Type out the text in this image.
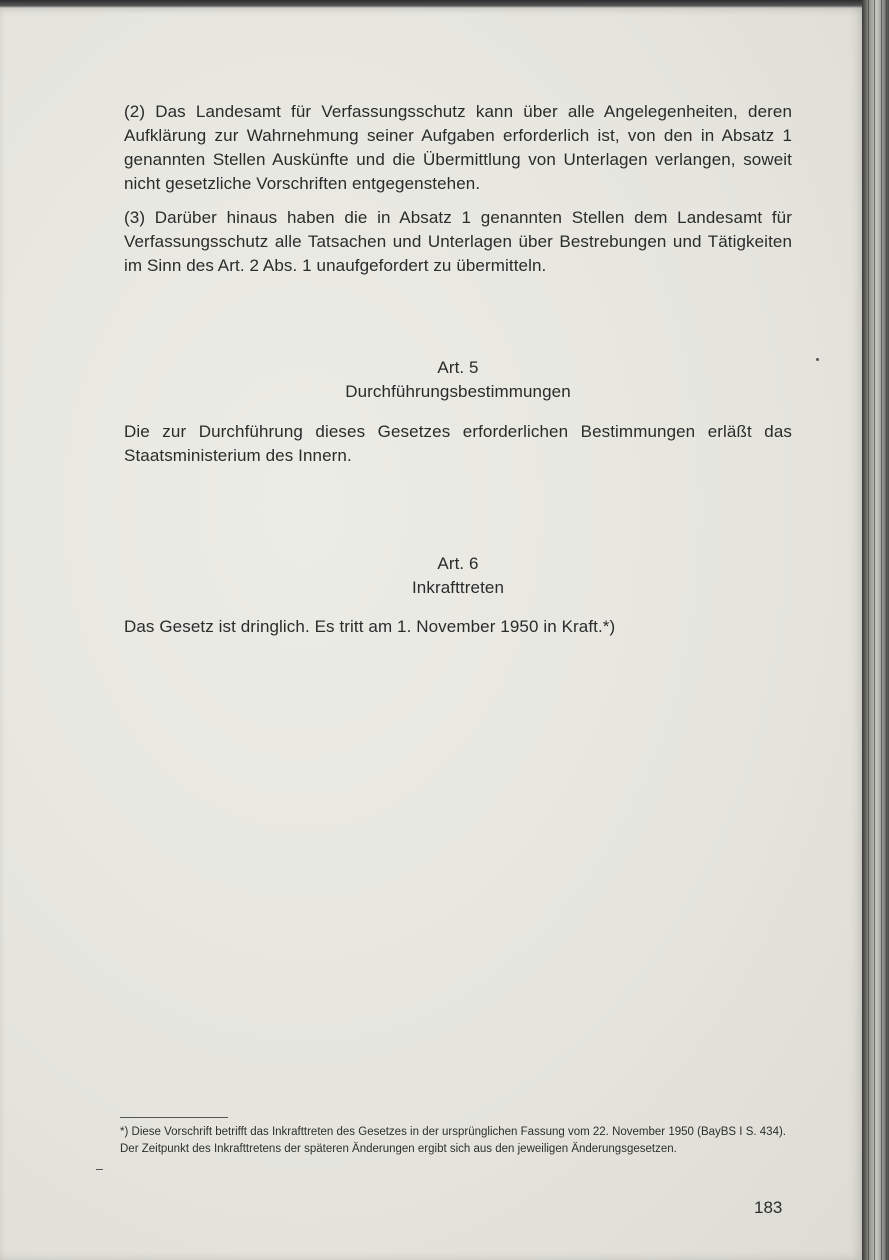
(2) Das Landesamt für Verfassungsschutz kann über alle Angelegenheiten, deren Aufklärung zur Wahrnehmung seiner Aufgaben erforderlich ist, von den in Absatz 1 genannten Stellen Auskünfte und die Übermittlung von Unterlagen verlangen, soweit nicht gesetzliche Vorschriften entgegenstehen.

(3) Darüber hinaus haben die in Absatz 1 genannten Stellen dem Landesamt für Verfassungsschutz alle Tatsachen und Unterlagen über Bestrebungen und Tätigkeiten im Sinn des Art. 2 Abs. 1 unaufgefordert zu übermitteln.

Art. 5

Durchführungsbestimmungen

Die zur Durchführung dieses Gesetzes erforderlichen Bestimmungen erläßt das Staatsministerium des Innern.

Art. 6

Inkrafttreten

Das Gesetz ist dringlich. Es tritt am 1. November 1950 in Kraft.*)

*) Diese Vorschrift betrifft das Inkrafttreten des Gesetzes in der ursprünglichen Fassung vom 22. November 1950 (BayBS I S. 434). Der Zeitpunkt des Inkrafttretens der späteren Änderungen ergibt sich aus den jeweiligen Änderungsgesetzen.

183
